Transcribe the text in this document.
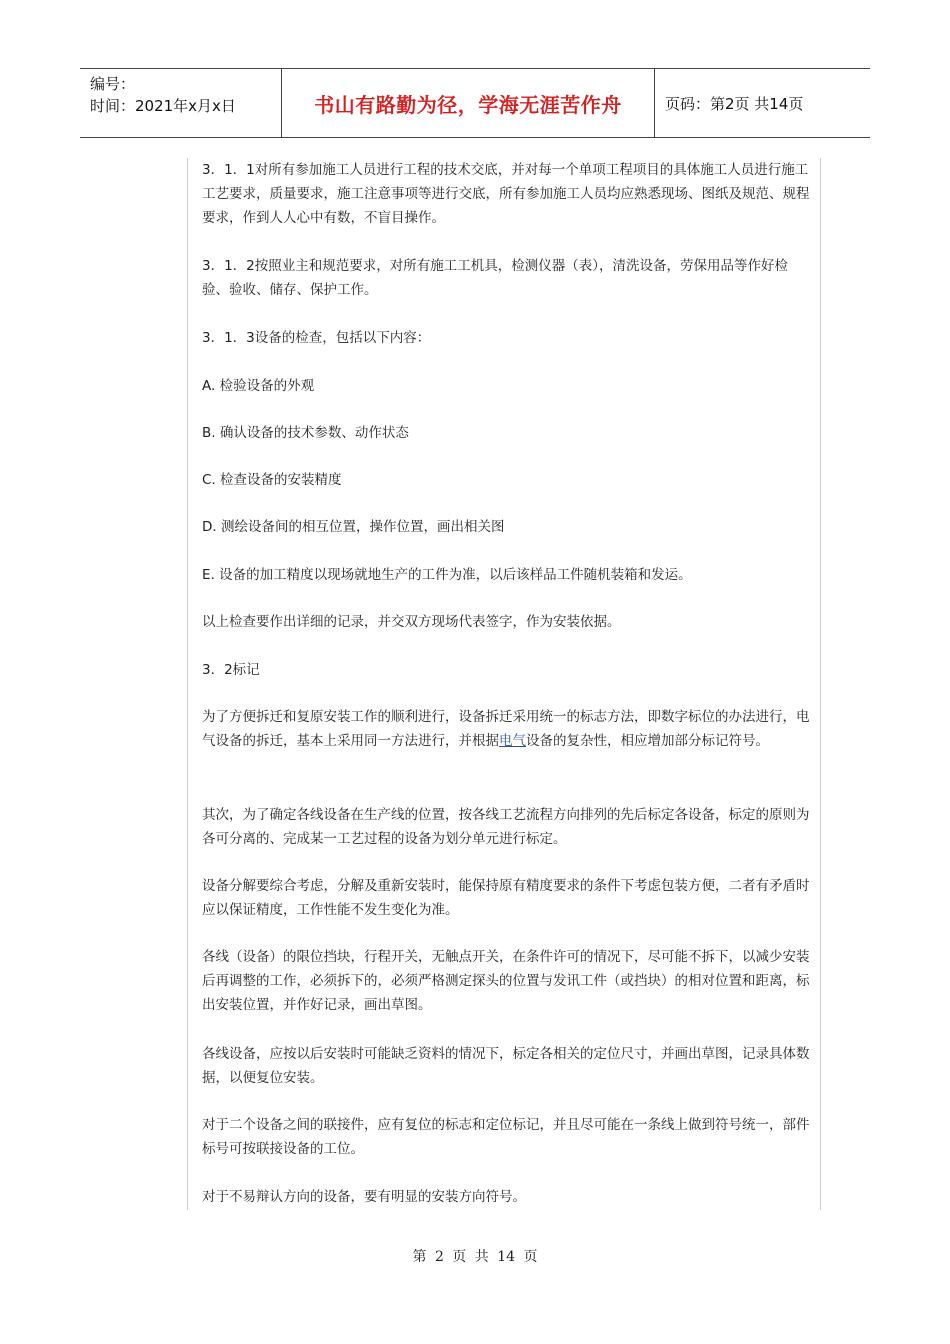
编号：
时间：2021年x月x日	书山有路勤为径，学海无涯苦作舟	页码：第2页 共14页

3．1．1对所有参加施工人员进行工程的技术交底，并对每一个单项工程项目的具体施工人员进行施工工艺要求，质量要求，施工注意事项等进行交底，所有参加施工人员均应熟悉现场、图纸及规范、规程要求，作到人人心中有数，不盲目操作。

3．1．2按照业主和规范要求，对所有施工工机具，检测仪器（表），清洗设备，劳保用品等作好检验、验收、储存、保护工作。

3．1．3设备的检查，包括以下内容：

A. 检验设备的外观

B. 确认设备的技术参数、动作状态

C. 检查设备的安装精度

D. 测绘设备间的相互位置，操作位置，画出相关图

E. 设备的加工精度以现场就地生产的工件为准，以后该样品工件随机装箱和发运。

以上检查要作出详细的记录，并交双方现场代表签字，作为安装依据。

3．2标记

为了方便拆迁和复原安装工作的顺利进行，设备拆迁采用统一的标志方法，即数字标位的办法进行，电气设备的拆迁，基本上采用同一方法进行，并根据电气设备的复杂性，相应增加部分标记符号。

其次，为了确定各线设备在生产线的位置，按各线工艺流程方向排列的先后标定各设备，标定的原则为各可分离的、完成某一工艺过程的设备为划分单元进行标定。

设备分解要综合考虑，分解及重新安装时，能保持原有精度要求的条件下考虑包装方便，二者有矛盾时应以保证精度，工作性能不发生变化为准。

各线（设备）的限位挡块，行程开关，无触点开关，在条件许可的情况下，尽可能不拆下，以减少安装后再调整的工作，必须拆下的，必须严格测定探头的位置与发讯工件（或挡块）的相对位置和距离，标出安装位置，并作好记录，画出草图。

各线设备，应按以后安装时可能缺乏资料的情况下，标定各相关的定位尺寸，并画出草图，记录具体数据，以便复位安装。

对于二个设备之间的联接件，应有复位的标志和定位标记，并且尽可能在一条线上做到符号统一，部件标号可按联接设备的工位。

对于不易辩认方向的设备，要有明显的安装方向符号。

第 2 页 共 14 页
